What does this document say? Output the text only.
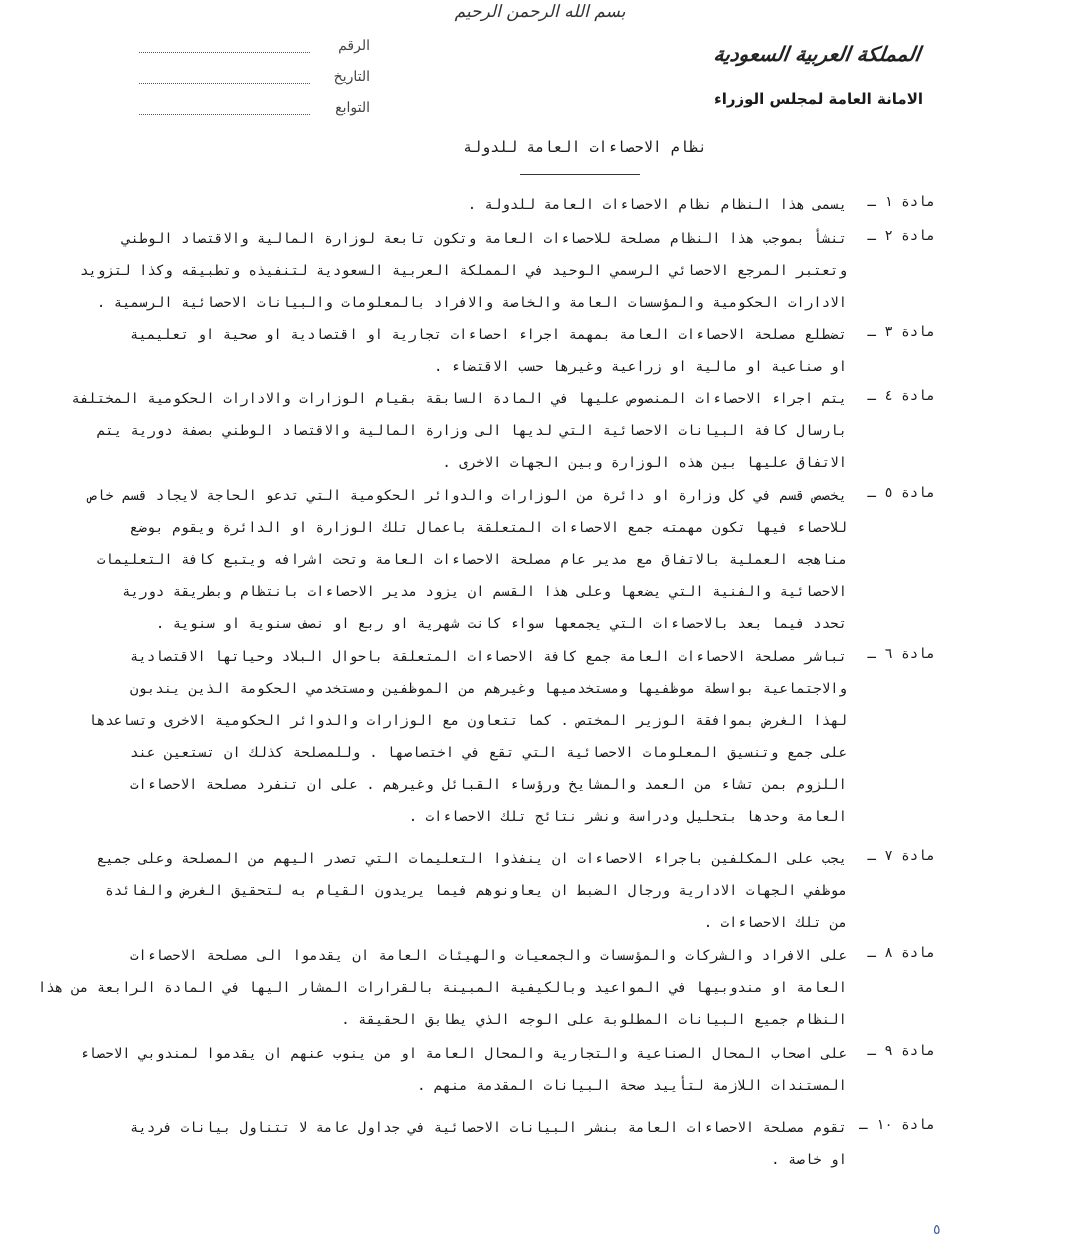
بسم الله الرحمن الرحيم
الرقم
التاريخ
التوابع
المملكة العربية السعودية
الامانة العامة لمجلس الوزراء
نظام الاحصاءات العامة للدولة
مادة ١ ـ
يسمى هذا النظام نظام الاحصاءات العامة للدولة .
مادة ٢ ـ
تنشأ بموجب هذا النظام مصلحة للاحصاءات العامة وتكون تابعة لوزارة المالية والاقتصاد الوطني
وتعتبر المرجع الاحصائي الرسمي الوحيد في المملكة العربية السعودية لتنفيذه وتطبيقه وكذا لتزويد
الادارات الحكومية والمؤسسات العامة والخاصة والافراد بالمعلومات والبيانات الاحصائية الرسمية .
مادة ٣ ـ
تضطلع مصلحة الاحصاءات العامة بمهمة اجراء احصاءات تجارية او اقتصادية او صحية او تعليمية
او صناعية او مالية او زراعية وغيرها حسب الاقتضاء .
مادة ٤ ـ
يتم اجراء الاحصاءات المنصوص عليها في المادة السابقة بقيام الوزارات والادارات الحكومية المختلفة
بارسال كافة البيانات الاحصائية التي لديها الى وزارة المالية والاقتصاد الوطني بصفة دورية يتم
الاتفاق عليها بين هذه الوزارة وبين الجهات الاخرى .
مادة ٥ ـ
يخصص قسم في كل وزارة او دائرة من الوزارات والدوائر الحكومية التي تدعو الحاجة لايجاد قسم خاص
للاحصاء فيها تكون مهمته جمع الاحصاءات المتعلقة باعمال تلك الوزارة او الدائرة ويقوم بوضع
مناهجه العملية بالاتفاق مع مدير عام مصلحة الاحصاءات العامة وتحت اشرافه ويتبع كافة التعليمات
الاحصائية والفنية التي يضعها وعلى هذا القسم ان يزود مدير الاحصاءات بانتظام وبطريقة دورية
تحدد فيما بعد بالاحصاءات التي يجمعها سواء كانت شهرية او ربع او نصف سنوية او سنوية .
مادة ٦ ـ
تباشر مصلحة الاحصاءات العامة جمع كافة الاحصاءات المتعلقة باحوال البلاد وحياتها الاقتصادية
والاجتماعية بواسطة موظفيها ومستخدميها وغيرهم من الموظفين ومستخدمي الحكومة الذين يندبون
لهذا الغرض بموافقة الوزير المختص . كما تتعاون مع الوزارات والدوائر الحكومية الاخرى وتساعدها
على جمع وتنسيق المعلومات الاحصائية التي تقع في اختصاصها . وللمصلحة كذلك ان تستعين عند
اللزوم بمن تشاء من العمد والمشايخ ورؤساء القبائل وغيرهم . على ان تنفرد مصلحة الاحصاءات
العامة وحدها بتحليل ودراسة ونشر نتائج تلك الاحصاءات .
مادة ٧ ـ
يجب على المكلفين باجراء الاحصاءات ان ينفذوا التعليمات التي تصدر اليهم من المصلحة وعلى جميع
موظفي الجهات الادارية ورجال الضبط ان يعاونوهم فيما يريدون القيام به لتحقيق الغرض والفائدة
من تلك الاحصاءات .
مادة ٨ ـ
على الافراد والشركات والمؤسسات والجمعيات والهيئات العامة ان يقدموا الى مصلحة الاحصاءات
العامة او مندوبيها في المواعيد وبالكيفية المبينة بالقرارات المشار اليها في المادة الرابعة من هذا
النظام جميع البيانات المطلوبة على الوجه الذي يطابق الحقيقة .
مادة ٩ ـ
على اصحاب المحال الصناعية والتجارية والمحال العامة او من ينوب عنهم ان يقدموا لمندوبي الاحصاء
المستندات اللازمة لتأييد صحة البيانات المقدمة منهم .
مادة ١٠ ـ
تقوم مصلحة الاحصاءات العامة بنشر البيانات الاحصائية في جداول عامة لا تتناول بيانات فردية
او خاصة .
٥
